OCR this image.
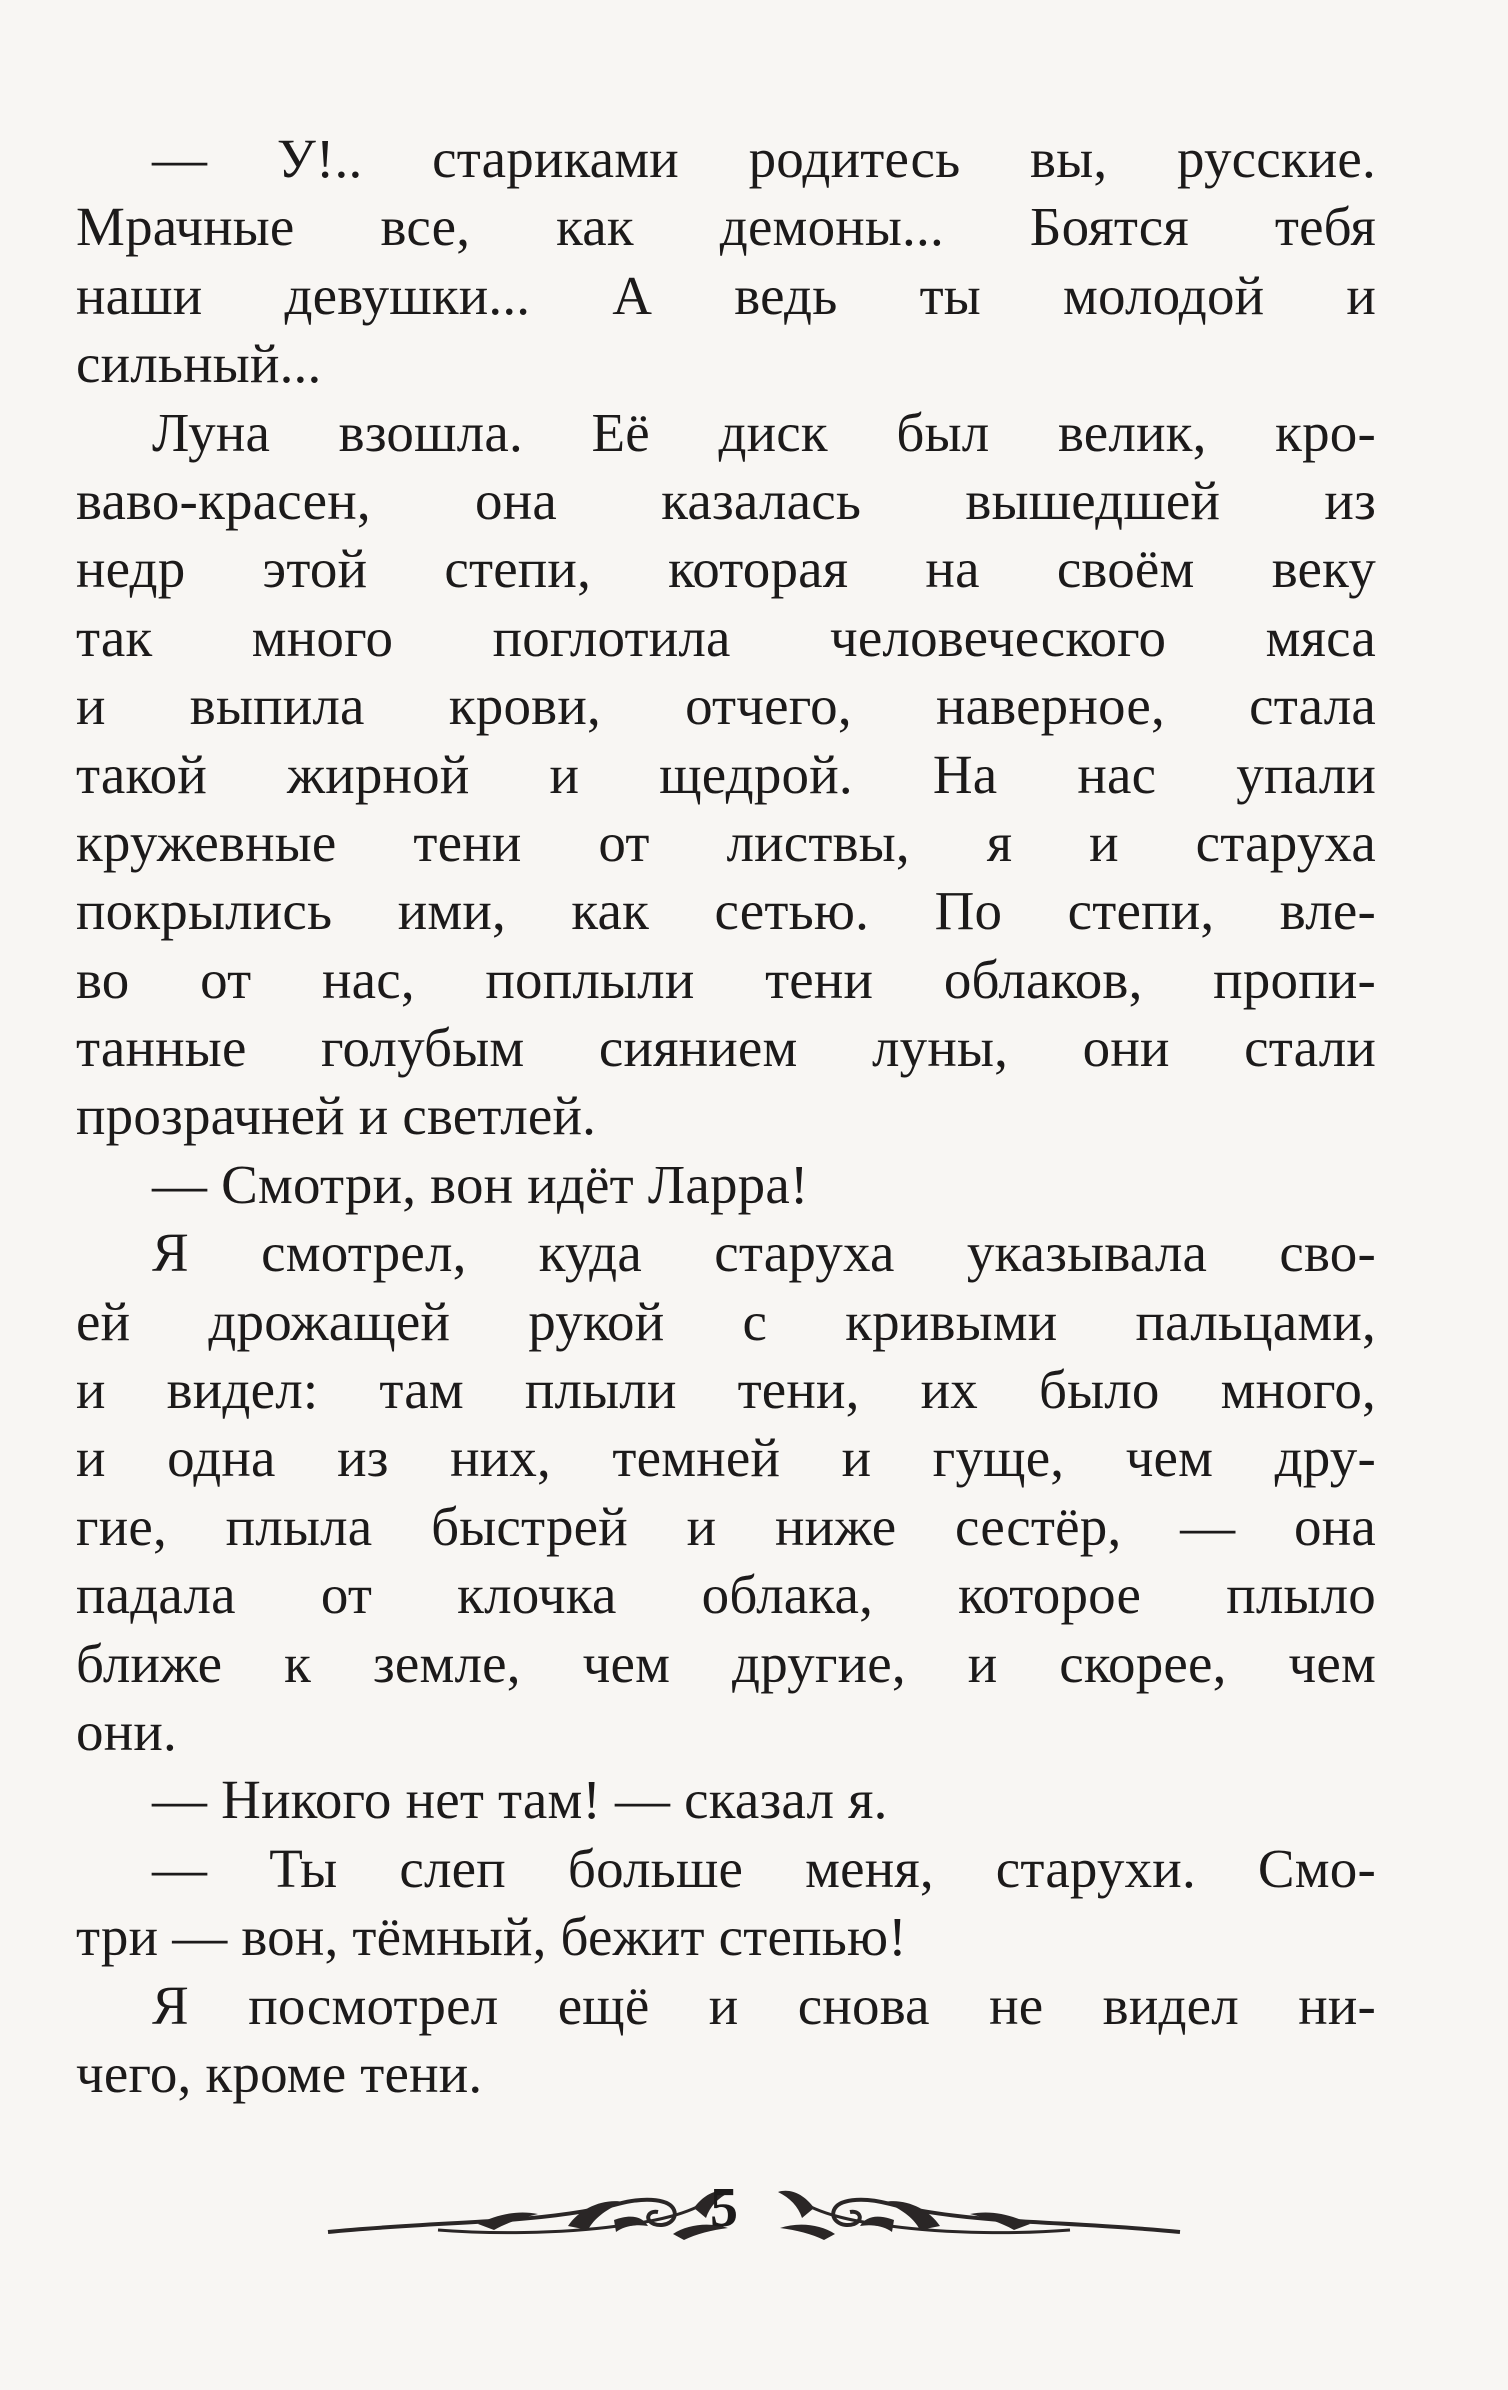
— У!.. стариками родитесь вы, русские.
Мрачные все, как демоны... Боятся тебя
наши девушки... А ведь ты молодой и
сильный...
Луна взошла. Её диск был велик, кро-
ваво-красен, она казалась вышедшей из
недр этой степи, которая на своём веку
так много поглотила человеческого мяса
и выпила крови, отчего, наверное, стала
такой жирной и щедрой. На нас упали
кружевные тени от листвы, я и старуха
покрылись ими, как сетью. По степи, вле-
во от нас, поплыли тени облаков, пропи-
танные голубым сиянием луны, они стали
прозрачней и светлей.
— Смотри, вон идёт Ларра!
Я смотрел, куда старуха указывала сво-
ей дрожащей рукой с кривыми пальцами,
и видел: там плыли тени, их было много,
и одна из них, темней и гуще, чем дру-
гие, плыла быстрей и ниже сестёр, — она
падала от клочка облака, которое плыло
ближе к земле, чем другие, и скорее, чем
они.
— Никого нет там! — сказал я.
— Ты слеп больше меня, старухи. Смо-
три — вон, тёмный, бежит степью!
Я посмотрел ещё и снова не видел ни-
чего, кроме тени.
5
